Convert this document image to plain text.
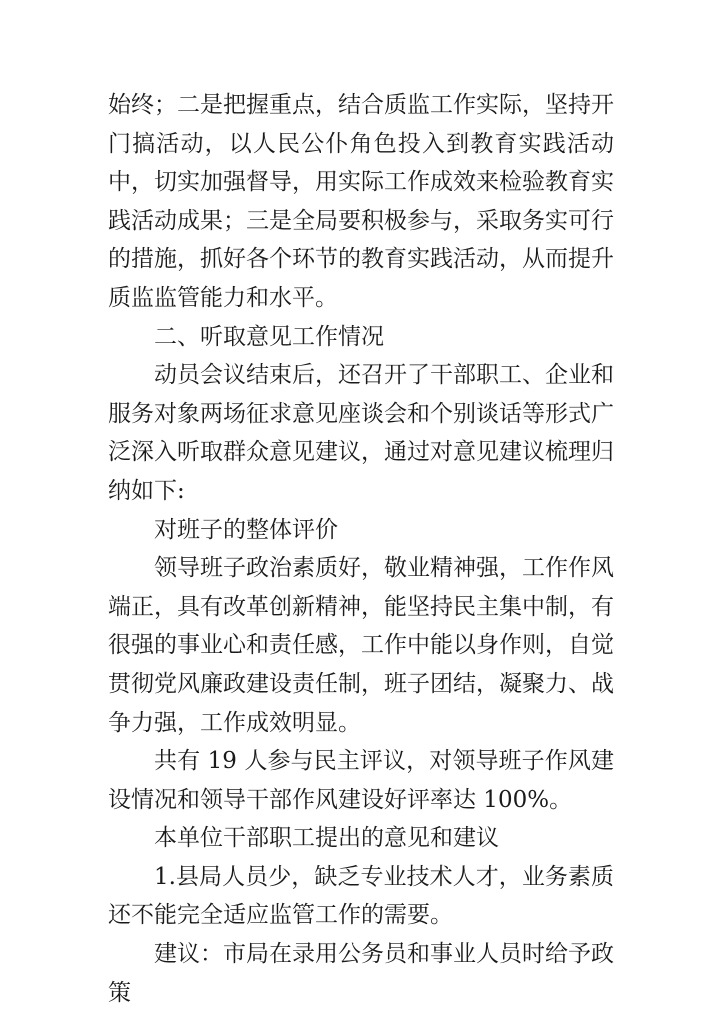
始终；二是把握重点，结合质监工作实际，坚持开门搞活动，以人民公仆角色投入到教育实践活动中，切实加强督导，用实际工作成效来检验教育实践活动成果；三是全局要积极参与，采取务实可行的措施，抓好各个环节的教育实践活动，从而提升质监监管能力和水平。

二、听取意见工作情况

动员会议结束后，还召开了干部职工、企业和服务对象两场征求意见座谈会和个别谈话等形式广泛深入听取群众意见建议，通过对意见建议梳理归纳如下:

对班子的整体评价

领导班子政治素质好，敬业精神强，工作作风端正，具有改革创新精神，能坚持民主集中制，有很强的事业心和责任感，工作中能以身作则，自觉贯彻党风廉政建设责任制，班子团结，凝聚力、战争力强，工作成效明显。

共有 19 人参与民主评议，对领导班子作风建设情况和领导干部作风建设好评率达 100%。

本单位干部职工提出的意见和建议

1.县局人员少，缺乏专业技术人才，业务素质还不能完全适应监管工作的需要。

建议：市局在录用公务员和事业人员时给予政策
